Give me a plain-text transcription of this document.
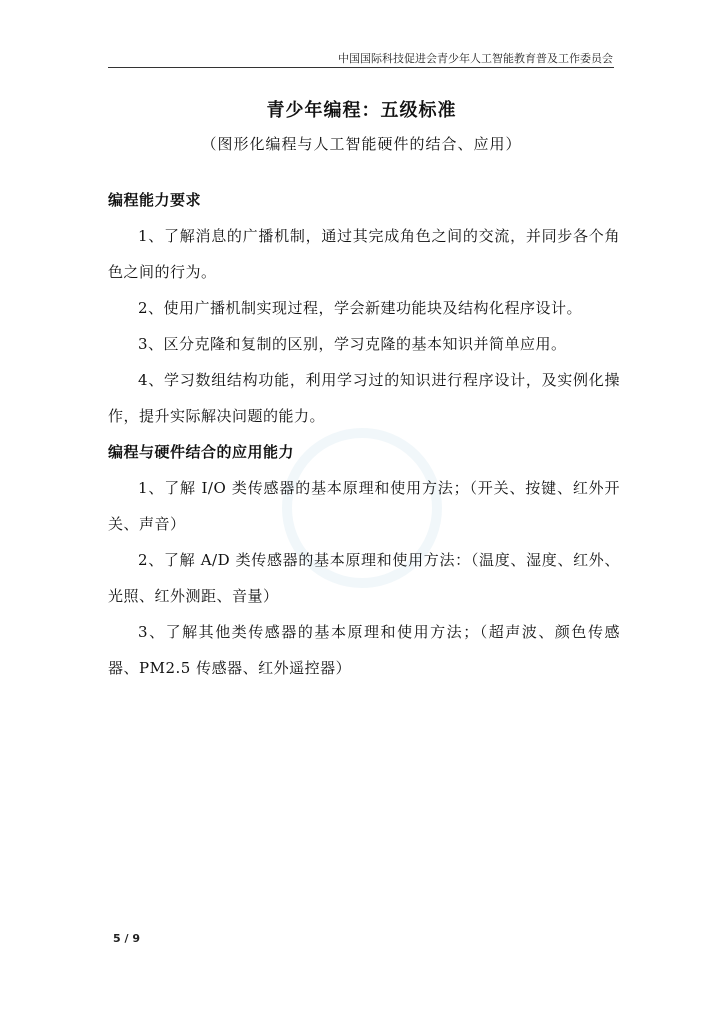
中国国际科技促进会青少年人工智能教育普及工作委员会
青少年编程：五级标准
（图形化编程与人工智能硬件的结合、应用）

编程能力要求

1、了解消息的广播机制，通过其完成角色之间的交流，并同步各个角色之间的行为。

2、使用广播机制实现过程，学会新建功能块及结构化程序设计。

3、区分克隆和复制的区别，学习克隆的基本知识并简单应用。

4、学习数组结构功能，利用学习过的知识进行程序设计，及实例化操作，提升实际解决问题的能力。

编程与硬件结合的应用能力

1、了解 I/O 类传感器的基本原理和使用方法；（开关、按键、红外开关、声音）

2、了解 A/D 类传感器的基本原理和使用方法：（温度、湿度、红外、光照、红外测距、音量）

3、了解其他类传感器的基本原理和使用方法；（超声波、颜色传感器、PM2.5 传感器、红外遥控器）

5 / 9
